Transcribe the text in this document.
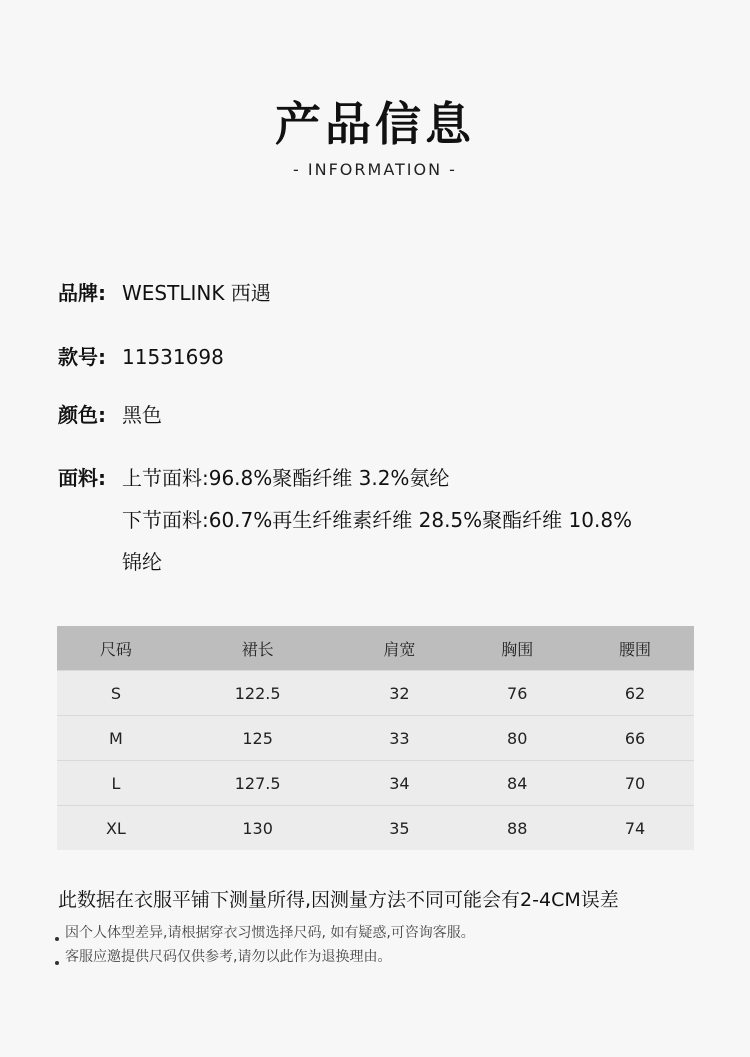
产品信息
- INFORMATION -
品牌: WESTLINK 西遇
款号: 11531698
颜色: 黑色
面料: 上节面料:96.8%聚酯纤维 3.2%氨纶
下节面料:60.7%再生纤维素纤维 28.5%聚酯纤维 10.8%
锦纶
尺码	裙长	肩宽	胸围	腰围
S	122.5	32	76	62
M	125	33	80	66
L	127.5	34	84	70
XL	130	35	88	74
此数据在衣服平铺下测量所得,因测量方法不同可能会有2-4CM误差
因个人体型差异,请根据穿衣习惯选择尺码, 如有疑惑,可咨询客服。
客服应邀提供尺码仅供参考,请勿以此作为退换理由。
